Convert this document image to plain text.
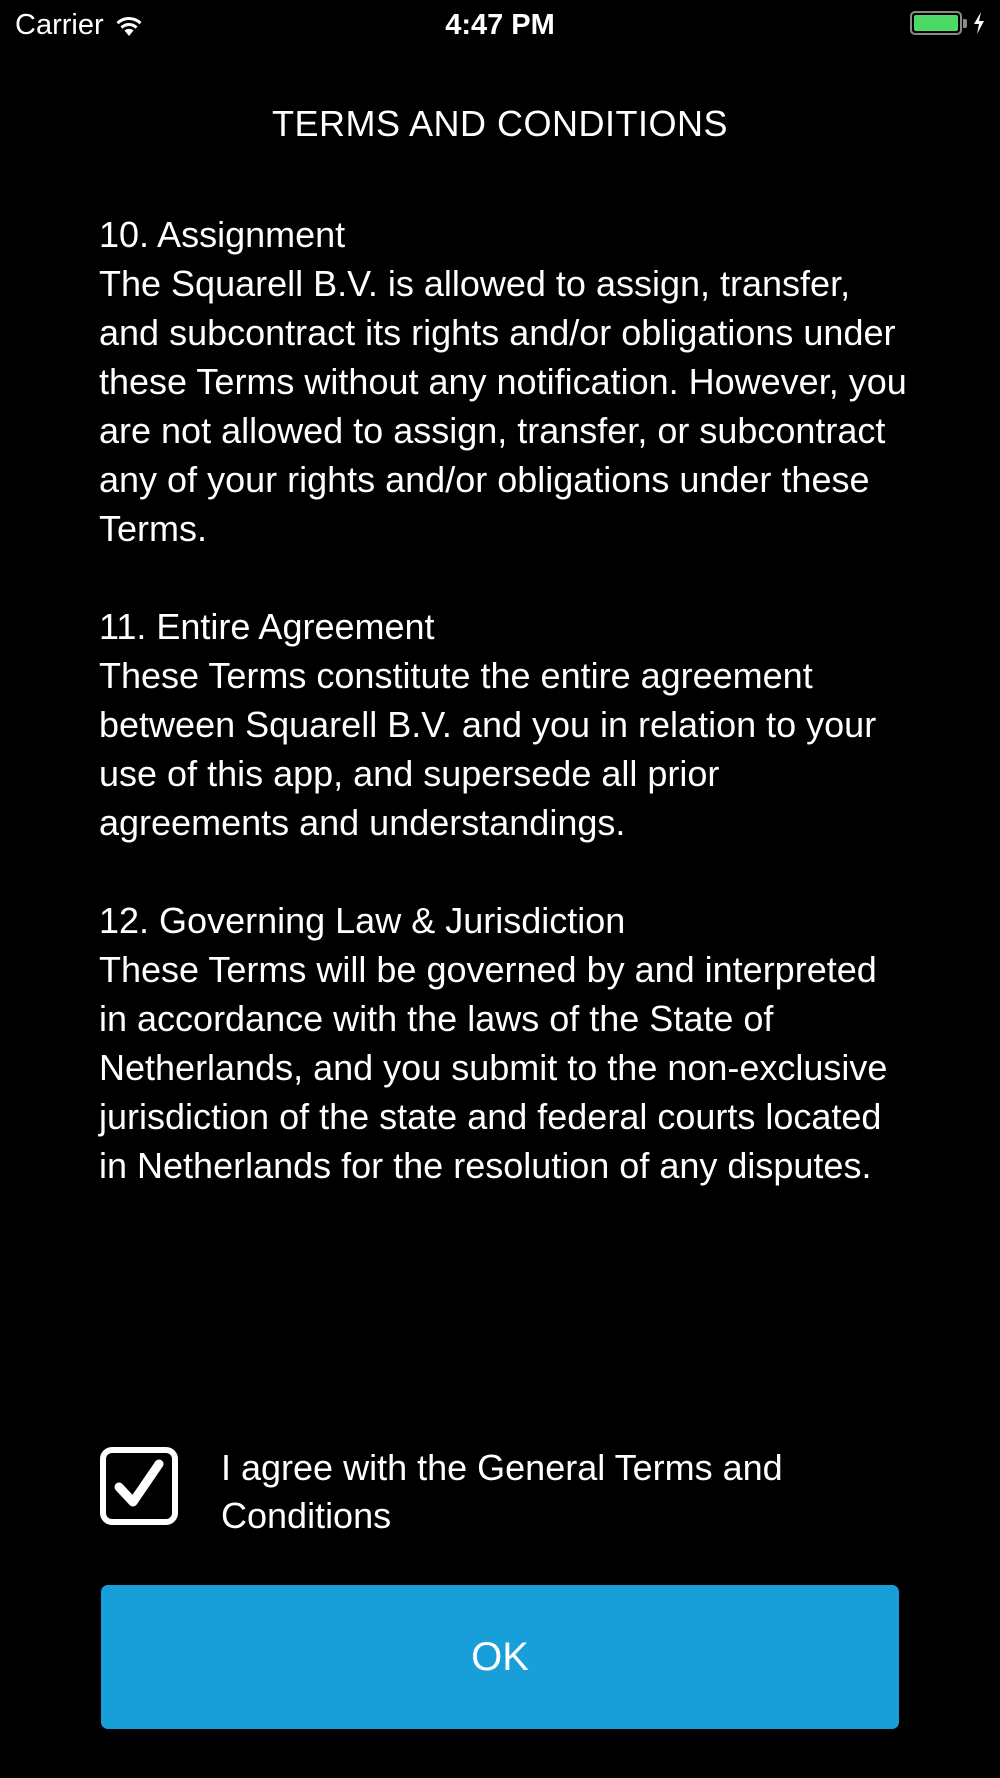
Carrier	4:47 PM
TERMS AND CONDITIONS
10. Assignment
The Squarell B.V. is allowed to assign, transfer, and subcontract its rights and/or obligations under these Terms without any notification. However, you are not allowed to assign, transfer, or subcontract any of your rights and/or obligations under these Terms.
11. Entire Agreement
These Terms constitute the entire agreement between Squarell B.V. and you in relation to your use of this app, and supersede all prior agreements and understandings.
12. Governing Law & Jurisdiction
These Terms will be governed by and interpreted in accordance with the laws of the State of Netherlands, and you submit to the non-exclusive jurisdiction of the state and federal courts located in Netherlands for the resolution of any disputes.
I agree with the General Terms and Conditions
OK
